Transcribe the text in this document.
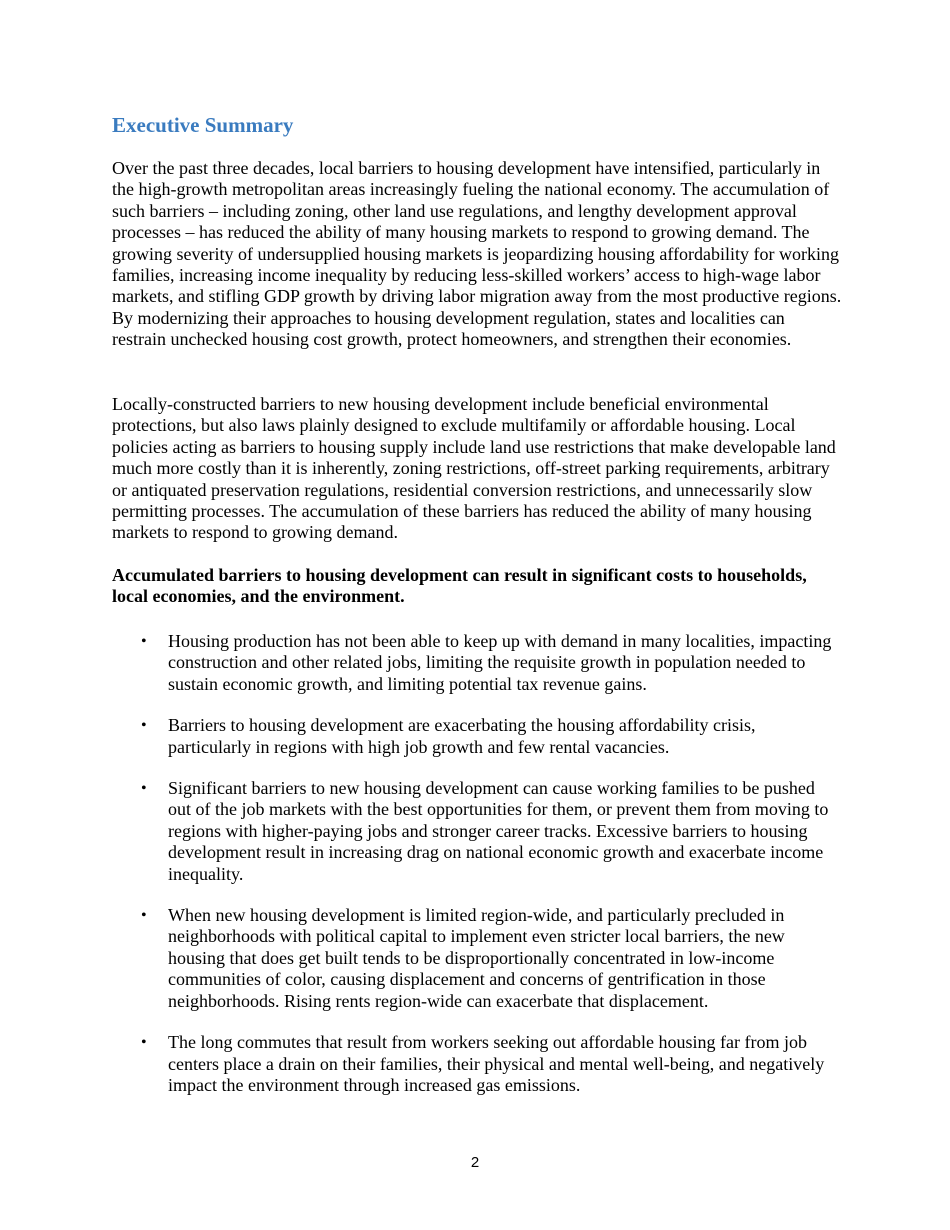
Executive Summary

Over the past three decades, local barriers to housing development have intensified, particularly in the high-growth metropolitan areas increasingly fueling the national economy. The accumulation of such barriers – including zoning, other land use regulations, and lengthy development approval processes – has reduced the ability of many housing markets to respond to growing demand. The growing severity of undersupplied housing markets is jeopardizing housing affordability for working families, increasing income inequality by reducing less-skilled workers’ access to high-wage labor markets, and stifling GDP growth by driving labor migration away from the most productive regions. By modernizing their approaches to housing development regulation, states and localities can restrain unchecked housing cost growth, protect homeowners, and strengthen their economies.

Locally-constructed barriers to new housing development include beneficial environmental protections, but also laws plainly designed to exclude multifamily or affordable housing. Local policies acting as barriers to housing supply include land use restrictions that make developable land much more costly than it is inherently, zoning restrictions, off-street parking requirements, arbitrary or antiquated preservation regulations, residential conversion restrictions, and unnecessarily slow permitting processes. The accumulation of these barriers has reduced the ability of many housing markets to respond to growing demand.

Accumulated barriers to housing development can result in significant costs to households, local economies, and the environment.

• Housing production has not been able to keep up with demand in many localities, impacting construction and other related jobs, limiting the requisite growth in population needed to sustain economic growth, and limiting potential tax revenue gains.
• Barriers to housing development are exacerbating the housing affordability crisis, particularly in regions with high job growth and few rental vacancies.
• Significant barriers to new housing development can cause working families to be pushed out of the job markets with the best opportunities for them, or prevent them from moving to regions with higher-paying jobs and stronger career tracks. Excessive barriers to housing development result in increasing drag on national economic growth and exacerbate income inequality.
• When new housing development is limited region-wide, and particularly precluded in neighborhoods with political capital to implement even stricter local barriers, the new housing that does get built tends to be disproportionally concentrated in low-income communities of color, causing displacement and concerns of gentrification in those neighborhoods. Rising rents region-wide can exacerbate that displacement.
• The long commutes that result from workers seeking out affordable housing far from job centers place a drain on their families, their physical and mental well-being, and negatively impact the environment through increased gas emissions.
2
